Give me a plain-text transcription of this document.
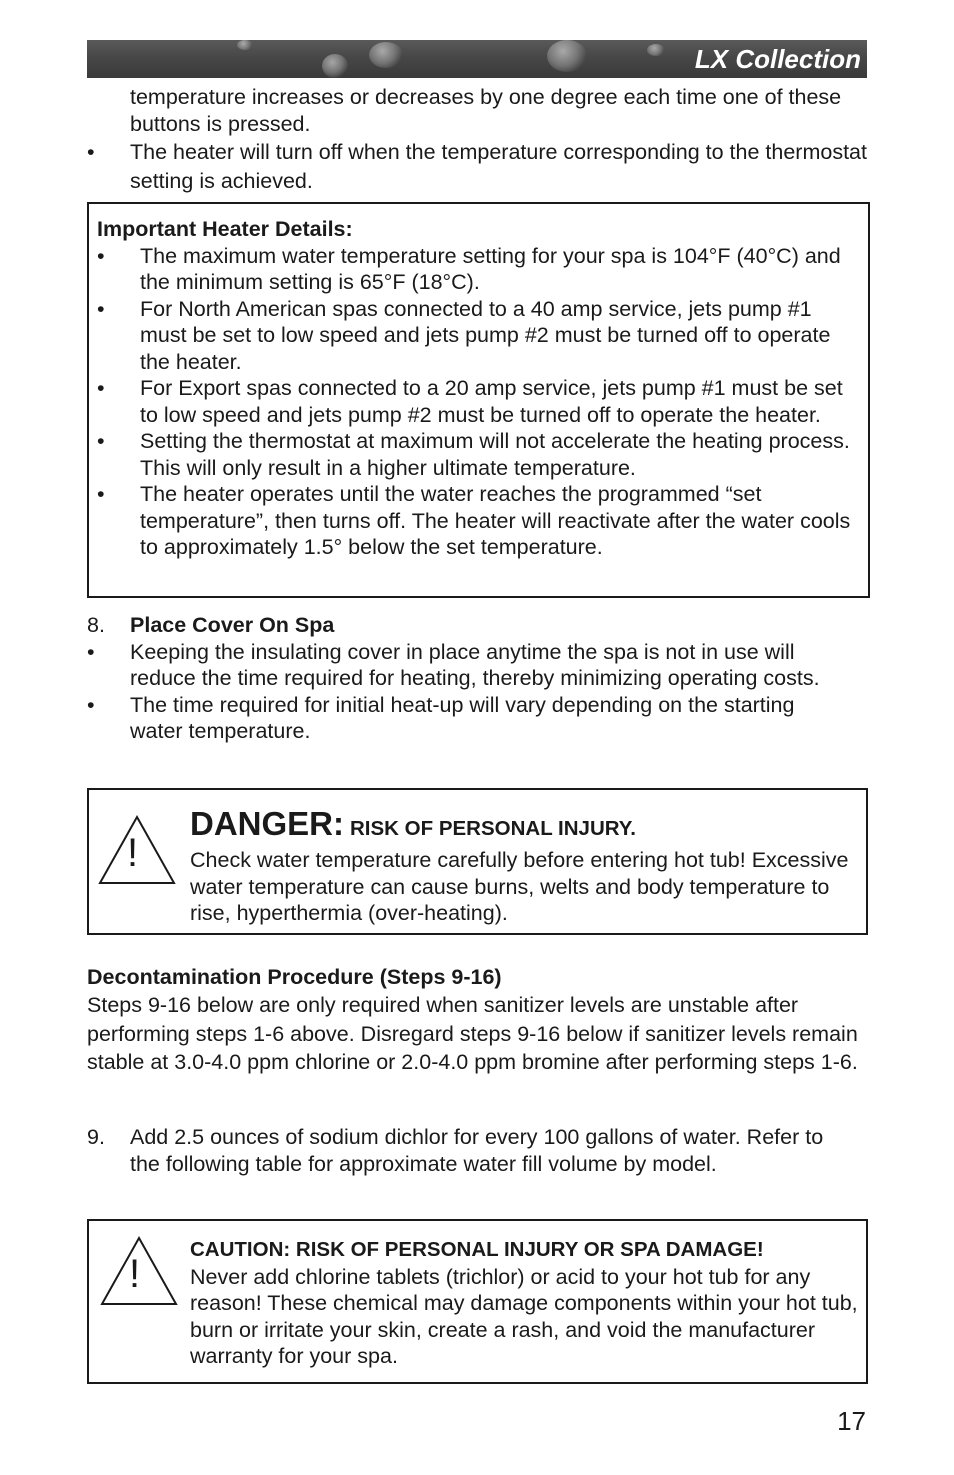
LX Collection
temperature increases or decreases by one degree each time one of these buttons is pressed.
• The heater will turn off when the temperature corresponding to the thermostat setting is achieved.
Important Heater Details:
• The maximum water temperature setting for your spa is 104°F (40°C) and the minimum setting is 65°F (18°C).
• For North American spas connected to a 40 amp service, jets pump #1 must be set to low speed and jets pump #2 must be turned off to operate the heater.
• For Export spas connected to a 20 amp service, jets pump #1 must be set to low speed and jets pump #2 must be turned off to operate the heater.
• Setting the thermostat at maximum will not accelerate the heating process. This will only result in a higher ultimate temperature.
• The heater operates until the water reaches the programmed “set temperature”, then turns off. The heater will reactivate after the water cools to approximately 1.5° below the set temperature.
8. Place Cover On Spa
• Keeping the insulating cover in place anytime the spa is not in use will reduce the time required for heating, thereby minimizing operating costs.
• The time required for initial heat-up will vary depending on the starting water temperature.
!
DANGER: RISK OF PERSONAL INJURY.
Check water temperature carefully before entering hot tub! Excessive water temperature can cause burns, welts and body temperature to rise, hyperthermia (over-heating).
Decontamination Procedure (Steps 9-16)
Steps 9-16 below are only required when sanitizer levels are unstable after performing steps 1-6 above. Disregard steps 9-16 below if sanitizer levels remain stable at 3.0-4.0 ppm chlorine or 2.0-4.0 ppm bromine after performing steps 1-6.
9. Add 2.5 ounces of sodium dichlor for every 100 gallons of water. Refer to the following table for approximate water fill volume by model.
!
CAUTION: RISK OF PERSONAL INJURY OR SPA DAMAGE!
Never add chlorine tablets (trichlor) or acid to your hot tub for any reason! These chemical may damage components within your hot tub, burn or irritate your skin, create a rash, and void the manufacturer warranty for your spa.
17
